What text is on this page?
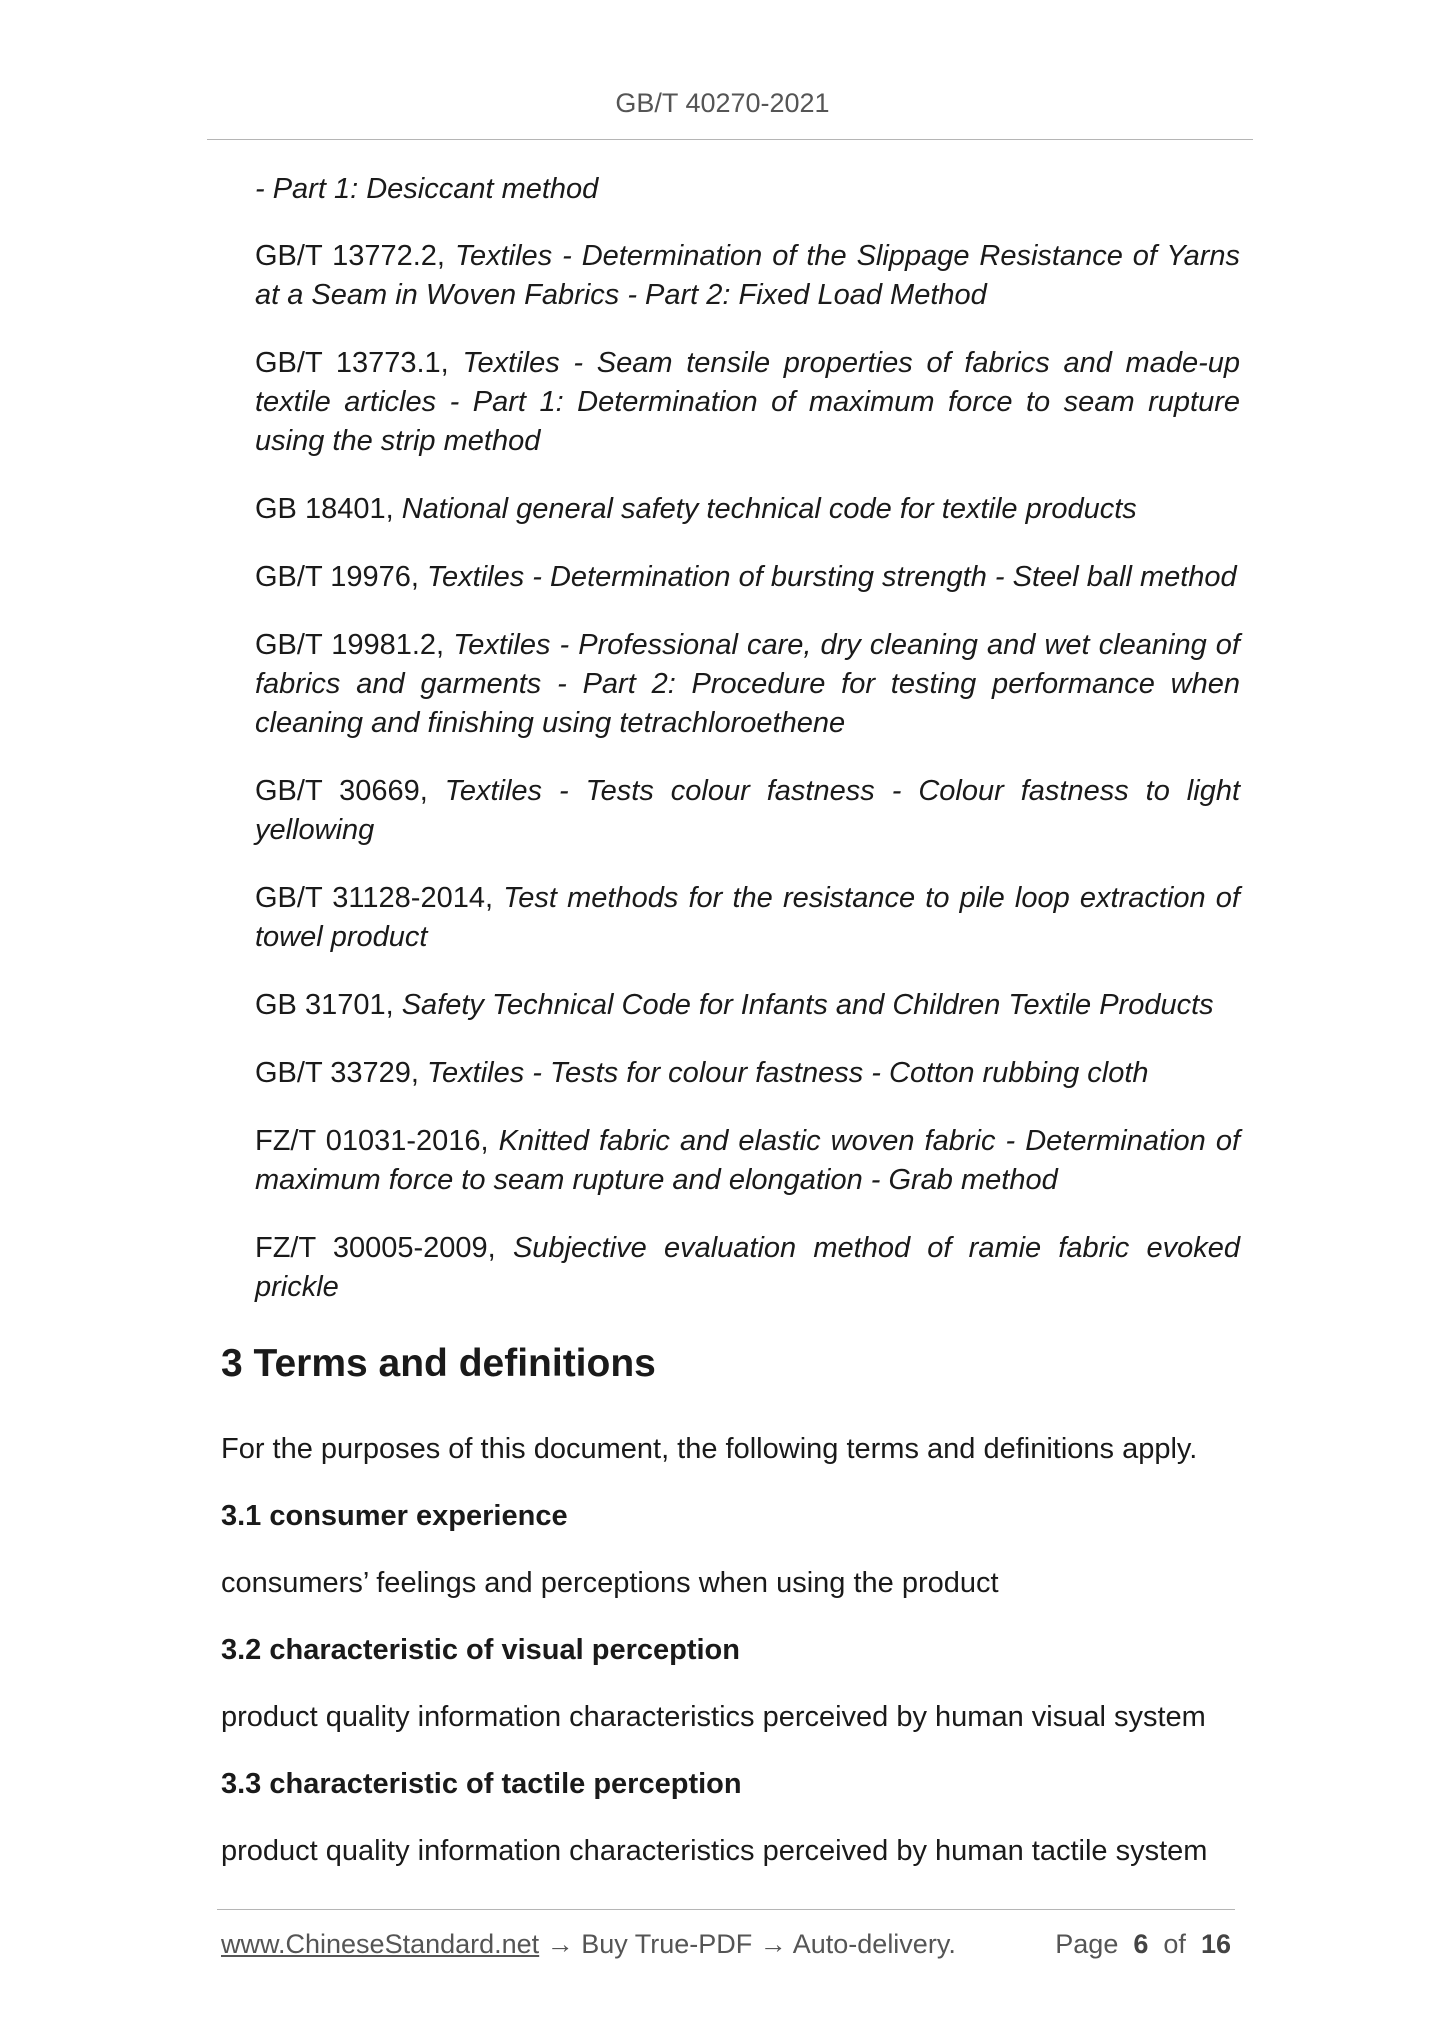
GB/T 40270-2021

- Part 1: Desiccant method

GB/T 13772.2, Textiles - Determination of the Slippage Resistance of Yarns at a Seam in Woven Fabrics - Part 2: Fixed Load Method

GB/T 13773.1, Textiles - Seam tensile properties of fabrics and made-up textile articles - Part 1: Determination of maximum force to seam rupture using the strip method

GB 18401, National general safety technical code for textile products

GB/T 19976, Textiles - Determination of bursting strength - Steel ball method

GB/T 19981.2, Textiles - Professional care, dry cleaning and wet cleaning of fabrics and garments - Part 2: Procedure for testing performance when cleaning and finishing using tetrachloroethene

GB/T 30669, Textiles - Tests colour fastness - Colour fastness to light yellowing

GB/T 31128-2014, Test methods for the resistance to pile loop extraction of towel product

GB 31701, Safety Technical Code for Infants and Children Textile Products

GB/T 33729, Textiles - Tests for colour fastness - Cotton rubbing cloth

FZ/T 01031-2016, Knitted fabric and elastic woven fabric - Determination of maximum force to seam rupture and elongation - Grab method

FZ/T 30005-2009, Subjective evaluation method of ramie fabric evoked prickle

3 Terms and definitions

For the purposes of this document, the following terms and definitions apply.

3.1 consumer experience

consumers’ feelings and perceptions when using the product

3.2 characteristic of visual perception

product quality information characteristics perceived by human visual system

3.3 characteristic of tactile perception

product quality information characteristics perceived by human tactile system

www.ChineseStandard.net → Buy True-PDF → Auto-delivery.	Page 6 of 16
